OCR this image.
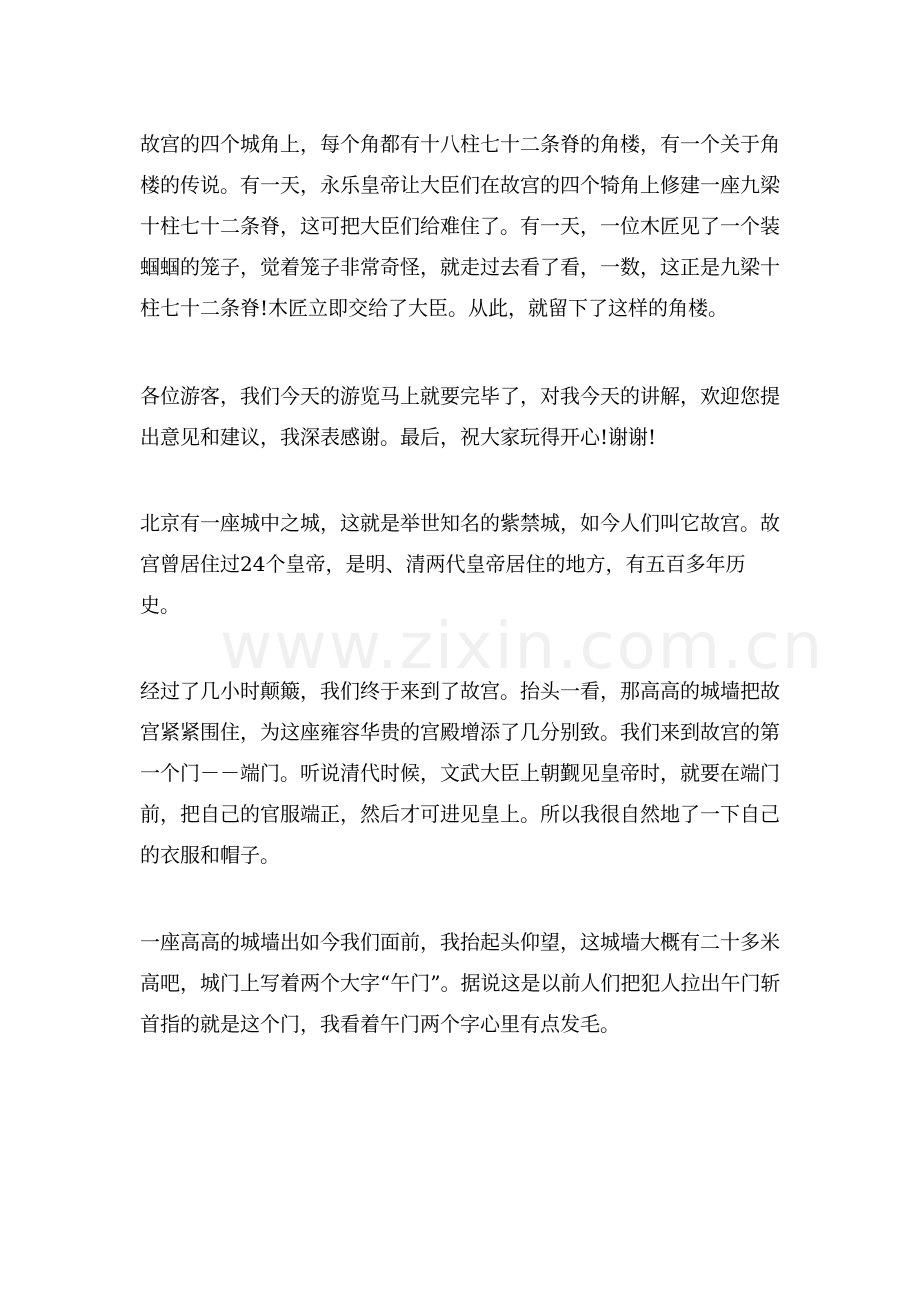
www.zixin.com.cn

故宫的四个城角上，每个角都有十八柱七十二条脊的角楼，有一个关于角楼的传说。有一天，永乐皇帝让大臣们在故宫的四个犄角上修建一座九梁十柱七十二条脊，这可把大臣们给难住了。有一天，一位木匠见了一个装蝈蝈的笼子，觉着笼子非常奇怪，就走过去看了看，一数，这正是九梁十柱七十二条脊!木匠立即交给了大臣。从此，就留下了这样的角楼。

各位游客，我们今天的游览马上就要完毕了，对我今天的讲解，欢迎您提出意见和建议，我深表感谢。最后，祝大家玩得开心!谢谢!

北京有一座城中之城，这就是举世知名的紫禁城，如今人们叫它故宫。故宫曾居住过24个皇帝，是明、清两代皇帝居住的地方，有五百多年历史。

经过了几小时颠簸，我们终于来到了故宫。抬头一看，那高高的城墙把故宫紧紧围住，为这座雍容华贵的宫殿增添了几分别致。我们来到故宫的第一个门－－端门。听说清代时候，文武大臣上朝觐见皇帝时，就要在端门前，把自己的官服端正，然后才可进见皇上。所以我很自然地了一下自己的衣服和帽子。

一座高高的城墙出如今我们面前，我抬起头仰望，这城墙大概有二十多米高吧，城门上写着两个大字“午门”。据说这是以前人们把犯人拉出午门斩首指的就是这个门，我看着午门两个字心里有点发毛。
